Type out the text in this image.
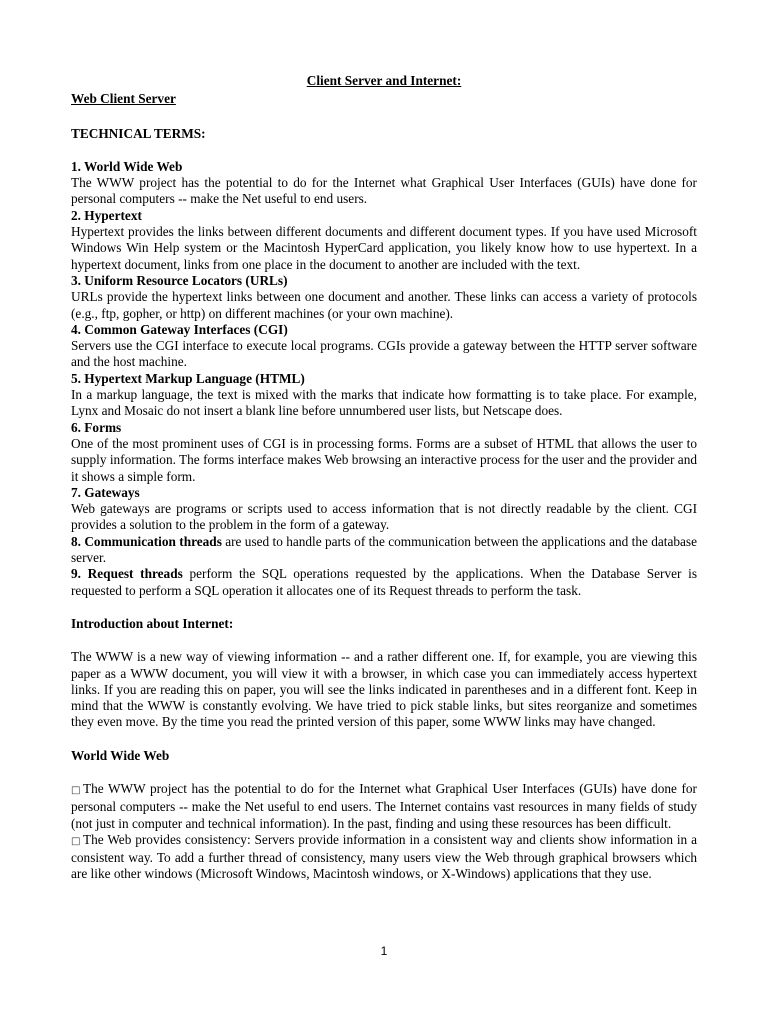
Client Server and Internet:

Web Client Server

TECHNICAL TERMS:

1. World Wide Web

The WWW project has the potential to do for the Internet what Graphical User Interfaces (GUIs) have done for personal computers -- make the Net useful to end users.

2. Hypertext

Hypertext provides the links between different documents and different document types. If you have used Microsoft Windows Win Help system or the Macintosh HyperCard application, you likely know how to use hypertext. In a hypertext document, links from one place in the document to another are included with the text.

3. Uniform Resource Locators (URLs)

URLs provide the hypertext links between one document and another. These links can access a variety of protocols (e.g., ftp, gopher, or http) on different machines (or your own machine).

4. Common Gateway Interfaces (CGI)

Servers use the CGI interface to execute local programs. CGIs provide a gateway between the HTTP server software and the host machine.

5. Hypertext Markup Language (HTML)

In a markup language, the text is mixed with the marks that indicate how formatting is to take place. For example, Lynx and Mosaic do not insert a blank line before unnumbered user lists, but Netscape does.

6. Forms

One of the most prominent uses of CGI is in processing forms. Forms are a subset of HTML that allows the user to supply information. The forms interface makes Web browsing an interactive process for the user and the provider and it shows a simple form.

7. Gateways

Web gateways are programs or scripts used to access information that is not directly readable by the client. CGI provides a solution to the problem in the form of a gateway.

8. Communication threads are used to handle parts of the communication between the applications and the database server.

9. Request threads perform the SQL operations requested by the applications. When the Database Server is requested to perform a SQL operation it allocates one of its Request threads to perform the task.

Introduction about Internet:

The WWW is a new way of viewing information -- and a rather different one. If, for example, you are viewing this paper as a WWW document, you will view it with a browser, in which case you can immediately access hypertext links. If you are reading this on paper, you will see the links indicated in parentheses and in a different font. Keep in mind that the WWW is constantly evolving. We have tried to pick stable links, but sites reorganize and sometimes they even move. By the time you read the printed version of this paper, some WWW links may have changed.

World Wide Web

□ The WWW project has the potential to do for the Internet what Graphical User Interfaces (GUIs) have done for personal computers -- make the Net useful to end users. The Internet contains vast resources in many fields of study (not just in computer and technical information). In the past, finding and using these resources has been difficult.

□ The Web provides consistency: Servers provide information in a consistent way and clients show information in a consistent way. To add a further thread of consistency, many users view the Web through graphical browsers which are like other windows (Microsoft Windows, Macintosh windows, or X-Windows) applications that they use.

1
